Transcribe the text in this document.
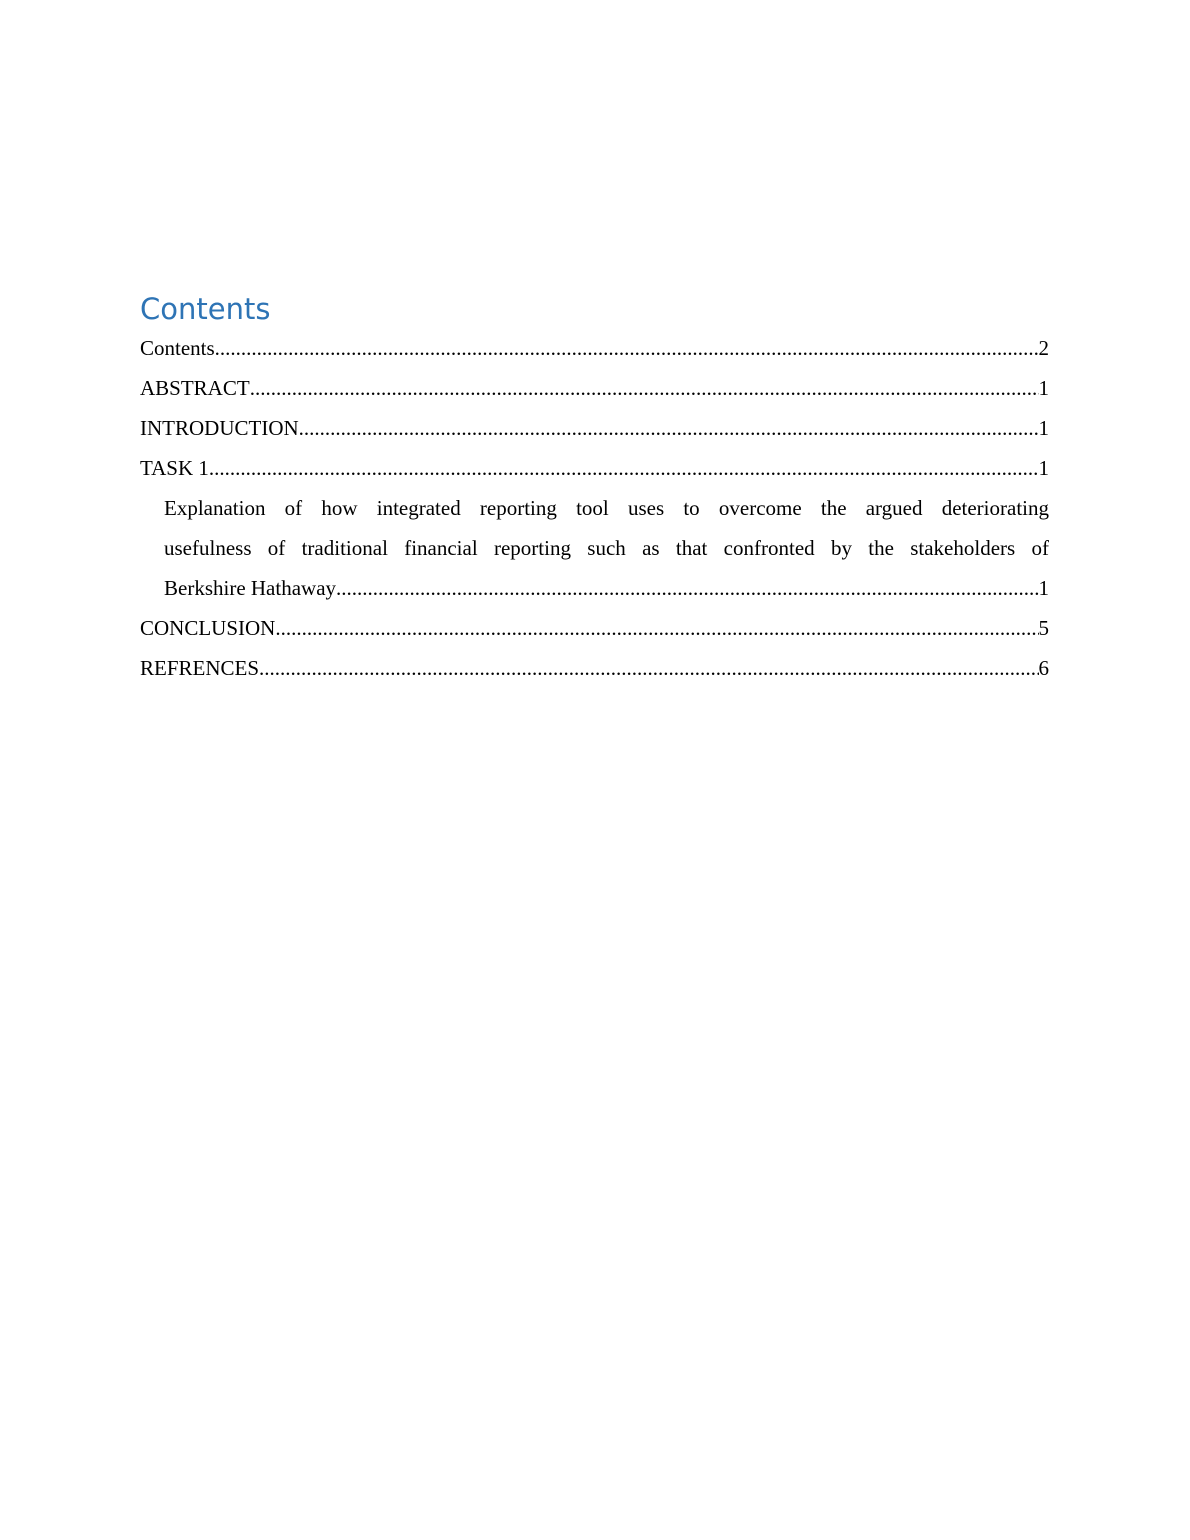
Contents
Contents .....	2
ABSTRACT .....	1
INTRODUCTION .....	1
TASK 1 .....	1
Explanation of how integrated reporting tool uses to overcome the argued deteriorating
usefulness of traditional financial reporting such as that confronted by the stakeholders of
Berkshire Hathaway .....	1
CONCLUSION .....	5
REFRENCES .....	6
